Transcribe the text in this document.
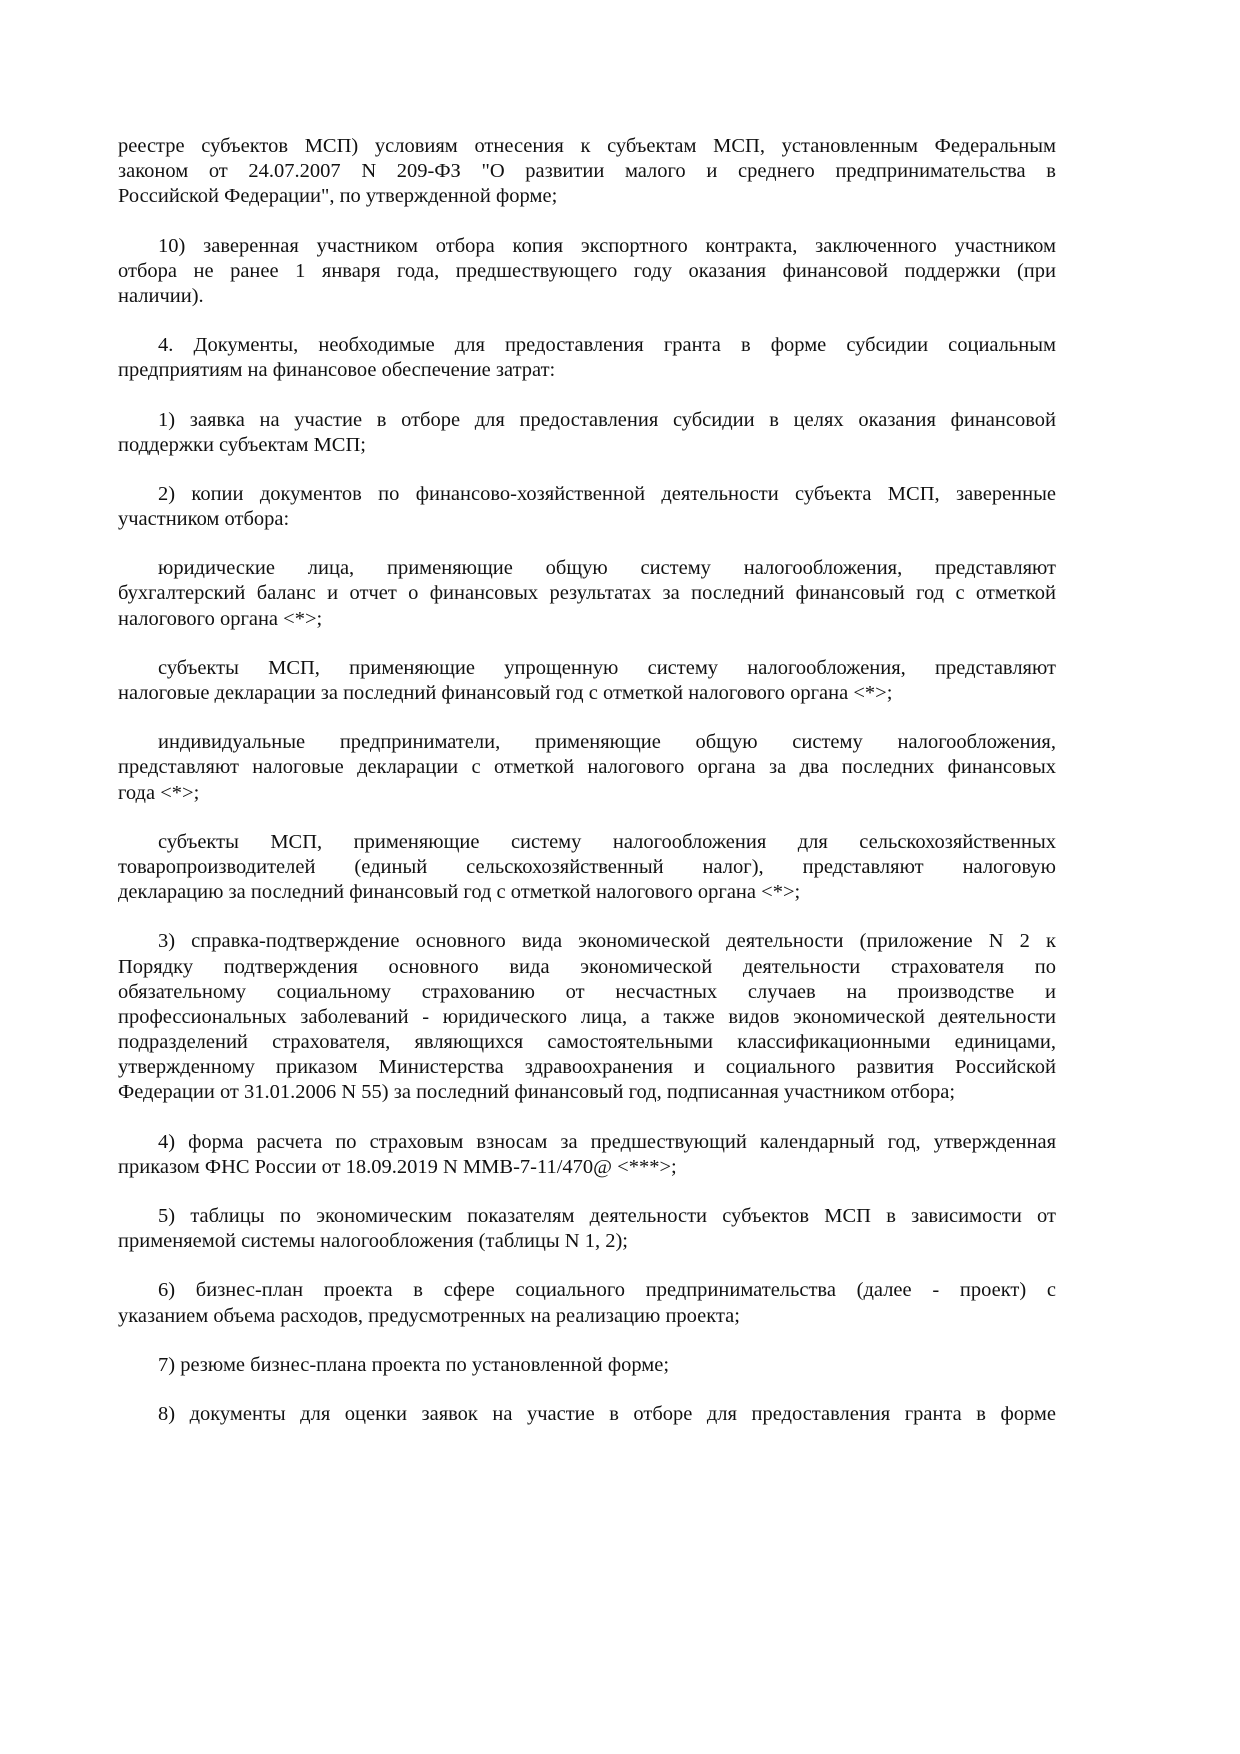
реестре субъектов МСП) условиям отнесения к субъектам МСП, установленным Федеральным
законом от 24.07.2007 N 209-ФЗ "О развитии малого и среднего предпринимательства в
Российской Федерации", по утвержденной форме;
10) заверенная участником отбора копия экспортного контракта, заключенного участником
отбора не ранее 1 января года, предшествующего году оказания финансовой поддержки (при
наличии).
4. Документы, необходимые для предоставления гранта в форме субсидии социальным
предприятиям на финансовое обеспечение затрат:
1) заявка на участие в отборе для предоставления субсидии в целях оказания финансовой
поддержки субъектам МСП;
2) копии документов по финансово-хозяйственной деятельности субъекта МСП, заверенные
участником отбора:
юридические лица, применяющие общую систему налогообложения, представляют
бухгалтерский баланс и отчет о финансовых результатах за последний финансовый год с отметкой
налогового органа <*>;
субъекты МСП, применяющие упрощенную систему налогообложения, представляют
налоговые декларации за последний финансовый год с отметкой налогового органа <*>;
индивидуальные предприниматели, применяющие общую систему налогообложения,
представляют налоговые декларации с отметкой налогового органа за два последних финансовых
года <*>;
субъекты МСП, применяющие систему налогообложения для сельскохозяйственных
товаропроизводителей (единый сельскохозяйственный налог), представляют налоговую
декларацию за последний финансовый год с отметкой налогового органа <*>;
3) справка-подтверждение основного вида экономической деятельности (приложение N 2 к
Порядку подтверждения основного вида экономической деятельности страхователя по
обязательному социальному страхованию от несчастных случаев на производстве и
профессиональных заболеваний - юридического лица, а также видов экономической деятельности
подразделений страхователя, являющихся самостоятельными классификационными единицами,
утвержденному приказом Министерства здравоохранения и социального развития Российской
Федерации от 31.01.2006 N 55) за последний финансовый год, подписанная участником отбора;
4) форма расчета по страховым взносам за предшествующий календарный год, утвержденная
приказом ФНС России от 18.09.2019 N ММВ-7-11/470@ <***>;
5) таблицы по экономическим показателям деятельности субъектов МСП в зависимости от
применяемой системы налогообложения (таблицы N 1, 2);
6) бизнес-план проекта в сфере социального предпринимательства (далее - проект) с
указанием объема расходов, предусмотренных на реализацию проекта;
7) резюме бизнес-плана проекта по установленной форме;
8) документы для оценки заявок на участие в отборе для предоставления гранта в форме
